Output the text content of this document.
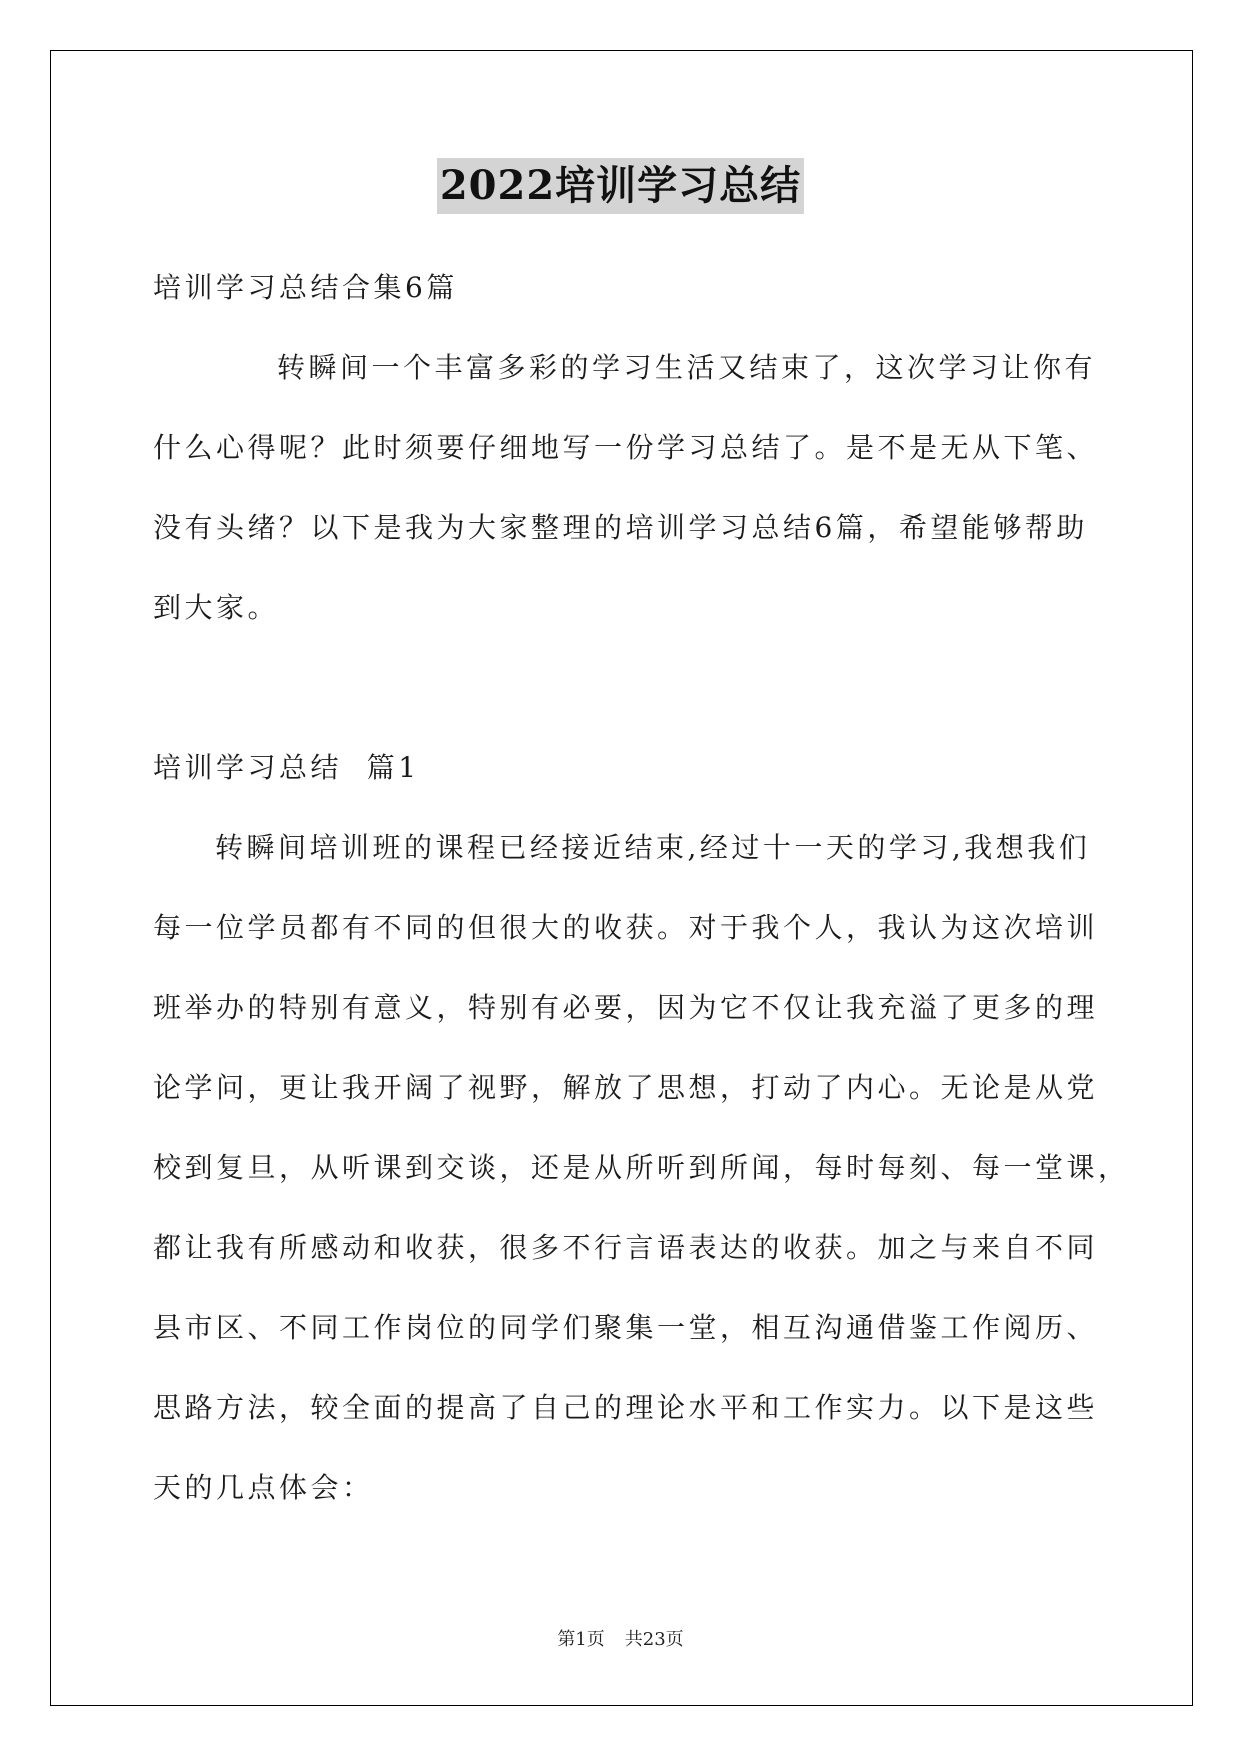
2022培训学习总结
培训学习总结合集6篇
转瞬间一个丰富多彩的学习生活又结束了，这次学习让你有
什么心得呢？此时须要仔细地写一份学习总结了。是不是无从下笔、
没有头绪？以下是我为大家整理的培训学习总结6篇，希望能够帮助
到大家。
培训学习总结  篇1
转瞬间培训班的课程已经接近结束,经过十一天的学习,我想我们
每一位学员都有不同的但很大的收获。对于我个人，我认为这次培训
班举办的特别有意义，特别有必要，因为它不仅让我充溢了更多的理
论学问，更让我开阔了视野，解放了思想，打动了内心。无论是从党
校到复旦，从听课到交谈，还是从所听到所闻，每时每刻、每一堂课，
都让我有所感动和收获，很多不行言语表达的收获。加之与来自不同
县市区、不同工作岗位的同学们聚集一堂，相互沟通借鉴工作阅历、
思路方法，较全面的提高了自己的理论水平和工作实力。以下是这些
天的几点体会：
第1页 共23页
